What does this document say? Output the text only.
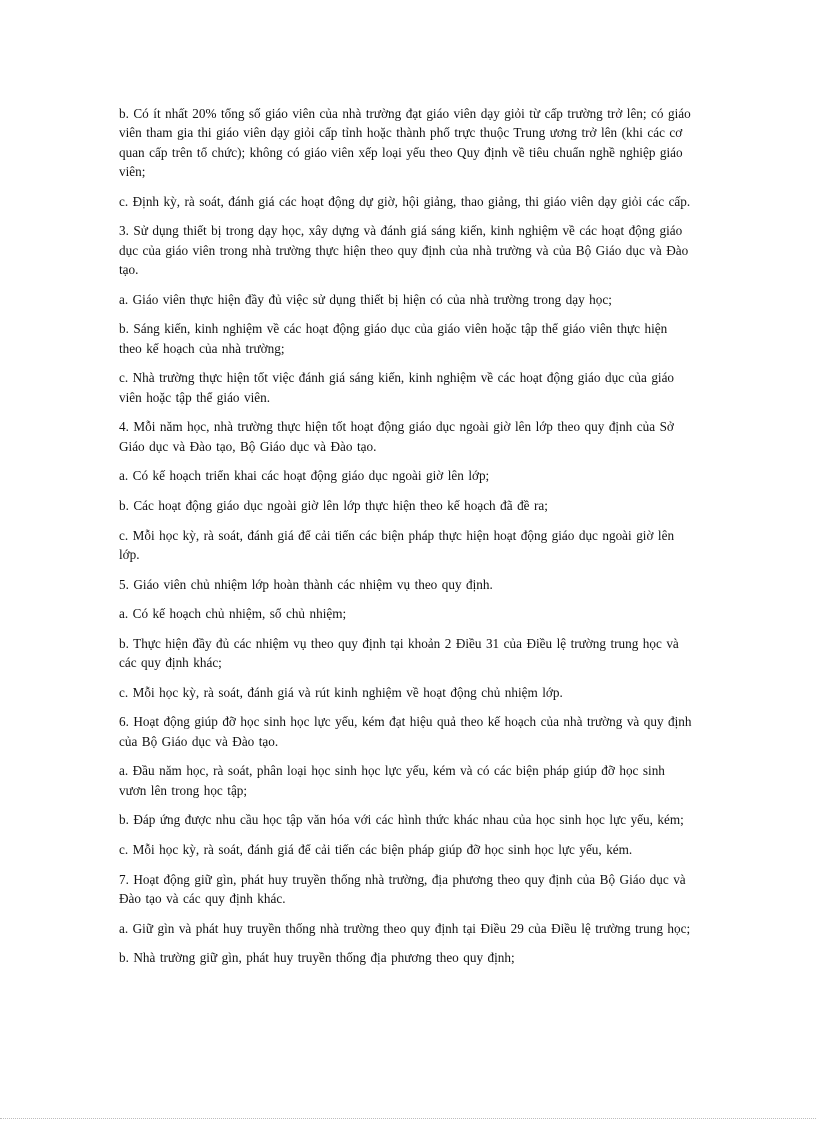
b. Có ít nhất 20% tổng số giáo viên của nhà trường đạt giáo viên dạy giỏi từ cấp trường trở lên; có giáo viên tham gia thi giáo viên dạy giỏi cấp tỉnh hoặc thành phố trực thuộc Trung ương trở lên (khi các cơ quan cấp trên tổ chức); không có giáo viên xếp loại yếu theo Quy định về tiêu chuẩn nghề nghiệp giáo viên;

c. Định kỳ, rà soát, đánh giá các hoạt động dự giờ, hội giảng, thao giảng, thi giáo viên dạy giỏi các cấp.

3. Sử dụng thiết bị trong dạy học, xây dựng và đánh giá sáng kiến, kinh nghiệm về các hoạt động giáo dục của giáo viên trong nhà trường thực hiện theo quy định của nhà trường và của Bộ Giáo dục và Đào tạo.

a. Giáo viên thực hiện đầy đủ việc sử dụng thiết bị hiện có của nhà trường trong dạy học;

b. Sáng kiến, kinh nghiệm về các hoạt động giáo dục của giáo viên hoặc tập thể giáo viên thực hiện theo kế hoạch của nhà trường;

c. Nhà trường thực hiện tốt việc đánh giá sáng kiến, kinh nghiệm về các hoạt động giáo dục của giáo viên hoặc tập thể giáo viên.

4. Mỗi năm học, nhà trường thực hiện tốt hoạt động giáo dục ngoài giờ lên lớp theo quy định của Sở Giáo dục và Đào tạo, Bộ Giáo dục và Đào tạo.

a. Có kế hoạch triển khai các hoạt động giáo dục ngoài giờ lên lớp;

b. Các hoạt động giáo dục ngoài giờ lên lớp thực hiện theo kế hoạch đã đề ra;

c. Mỗi học kỳ, rà soát, đánh giá để cải tiến các biện pháp thực hiện hoạt động giáo dục ngoài giờ lên lớp.

5. Giáo viên chủ nhiệm lớp hoàn thành các nhiệm vụ theo quy định.

a. Có kế hoạch chủ nhiệm, sổ chủ nhiệm;

b. Thực hiện đầy đủ các nhiệm vụ theo quy định tại khoản 2 Điều 31 của Điều lệ trường trung học và các quy định khác;

c. Mỗi học kỳ, rà soát, đánh giá và rút kinh nghiệm về hoạt động chủ nhiệm lớp.

6. Hoạt động giúp đỡ học sinh học lực yếu, kém đạt hiệu quả theo kế hoạch của nhà trường và quy định của Bộ Giáo dục và Đào tạo.

a. Đầu năm học, rà soát, phân loại học sinh học lực yếu, kém và có các biện pháp giúp đỡ học sinh vươn lên trong học tập;

b. Đáp ứng được nhu cầu học tập văn hóa với các hình thức khác nhau của học sinh học lực yếu, kém;

c. Mỗi học kỳ, rà soát, đánh giá để cải tiến các biện pháp giúp đỡ học sinh học lực yếu, kém.

7. Hoạt động giữ gìn, phát huy truyền thống nhà trường, địa phương theo quy định của Bộ Giáo dục và Đào tạo và các quy định khác.

a. Giữ gìn và phát huy truyền thống nhà trường theo quy định tại Điều 29 của Điều lệ trường trung học;

b. Nhà trường giữ gìn, phát huy truyền thống địa phương theo quy định;
